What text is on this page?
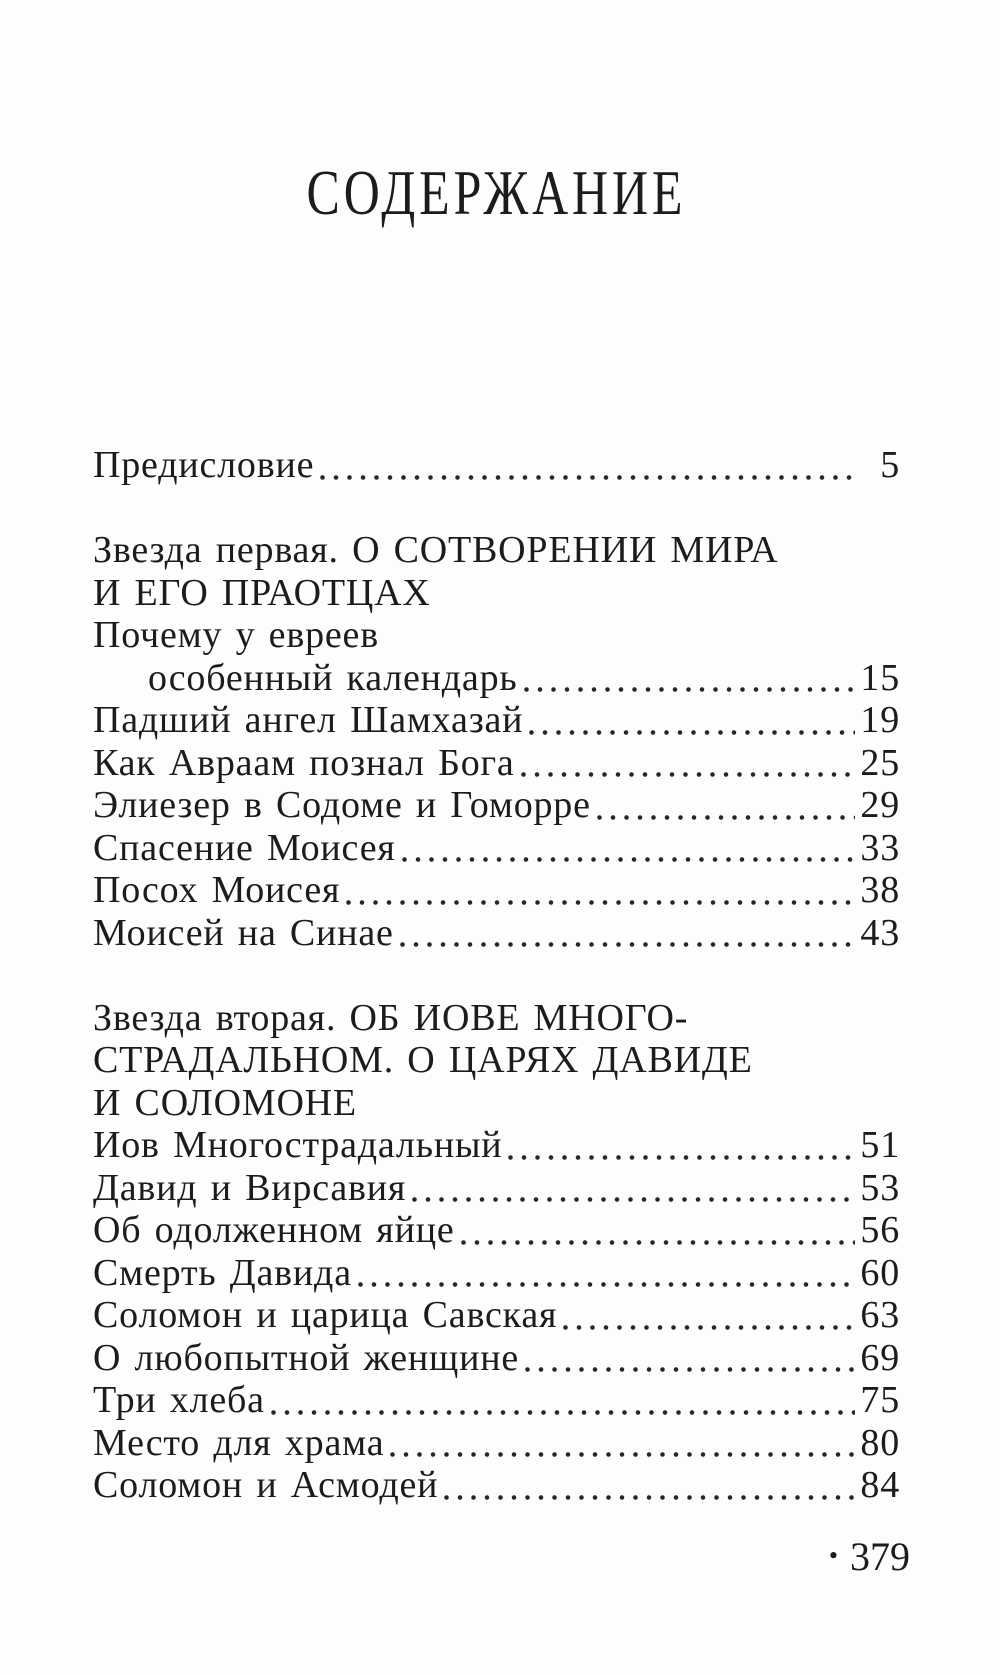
СОДЕРЖАНИЕ
Предисловие	5
Звезда первая. О СОТВОРЕНИИ МИРА
И ЕГО ПРАОТЦАХ
Почему у евреев
особенный календарь	15
Падший ангел Шамхазай	19
Как Авраам познал Бога	25
Элиезер в Содоме и Гоморре	29
Спасение Моисея	33
Посох Моисея	38
Моисей на Синае	43
Звезда вторая. ОБ ИОВЕ МНОГО-
СТРАДАЛЬНОМ. О ЦАРЯХ ДАВИДЕ
И СОЛОМОНЕ
Иов Многострадальный	51
Давид и Вирсавия	53
Об одолженном яйце	56
Смерть Давида	60
Соломон и царица Савская	63
О любопытной женщине	69
Три хлеба	75
Место для храма	80
Соломон и Асмодей	84
• 379
